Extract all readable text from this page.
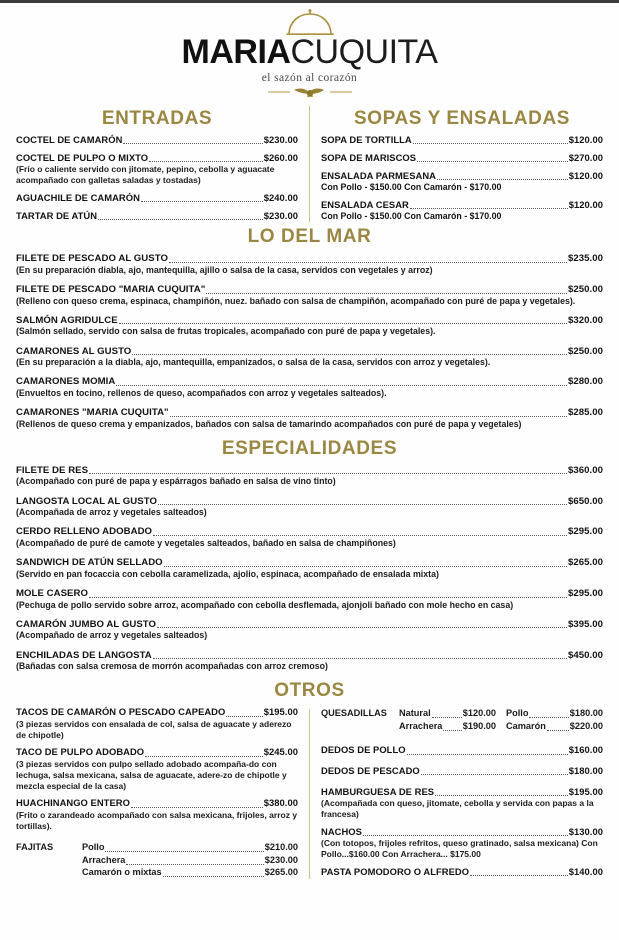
MARIACUQUITA
el sazón al corazón
ENTRADAS
COCTEL DE CAMARÓN	$230.00
COCTEL DE PULPO O MIXTO	$260.00
(Frío o caliente servido con jitomate, pepino, cebolla y aguacate acompañado con galletas saladas y tostadas)
AGUACHILE DE CAMARÓN	$240.00
TARTAR DE ATÚN	$230.00
SOPAS Y ENSALADAS
SOPA DE TORTILLA	$120.00
SOPA DE MARISCOS	$270.00
ENSALADA PARMESANA	$120.00
Con Pollo - $150.00 Con Camarón - $170.00
ENSALADA CESAR	$120.00
Con Pollo - $150.00 Con Camarón - $170.00
LO DEL MAR
FILETE DE PESCADO AL GUSTO	$235.00
(En su preparación diabla, ajo, mantequilla, ajillo o salsa de la casa, servidos con vegetales y arroz)
FILETE DE PESCADO "MARIA CUQUITA"	$250.00
(Relleno con queso crema, espinaca, champiñón, nuez. bañado con salsa de champiñón, acompañado con puré de papa y vegetales).
SALMÓN AGRIDULCE	$320.00
(Salmón sellado, servido con salsa de frutas tropicales, acompañado con puré de papa y vegetales).
CAMARONES AL GUSTO	$250.00
(En su preparación a la diabla, ajo, mantequilla, empanizados, o salsa de la casa, servidos con arroz y vegetales).
CAMARONES MOMIA	$280.00
(Envueltos en tocino, rellenos de queso, acompañados con arroz y vegetales salteados).
CAMARONES "MARIA CUQUITA"	$285.00
(Rellenos de queso crema y empanizados, bañados con salsa de tamarindo acompañados con puré de papa y vegetales)
ESPECIALIDADES
FILETE DE RES	$360.00
(Acompañado con puré de papa y espárragos bañado en salsa de vino tinto)
LANGOSTA LOCAL AL GUSTO	$650.00
(Acompañada de arroz y vegetales salteados)
CERDO RELLENO ADOBADO	$295.00
(Acompañado de puré de camote y vegetales salteados, bañado en salsa de champiñones)
SANDWICH DE ATÚN SELLADO	$265.00
(Servido en pan focaccia con cebolla caramelizada, ajolio, espinaca, acompañado de ensalada mixta)
MOLE CASERO	$295.00
(Pechuga de pollo servido sobre arroz, acompañado con cebolla desflemada, ajonjoli bañado con mole hecho en casa)
CAMARÓN JUMBO AL GUSTO	$395.00
(Acompañado de arroz y vegetales salteados)
ENCHILADAS DE LANGOSTA	$450.00
(Bañadas con salsa cremosa de morrón acompañadas con arroz cremoso)
OTROS
TACOS DE CAMARÓN O PESCADO CAPEADO	$195.00
(3 piezas servidos con ensalada de col, salsa de aguacate y aderezo de chipotle)
TACO DE PULPO ADOBADO	$245.00
(3 piezas servidos con pulpo sellado adobado acompaña-do con lechuga, salsa mexicana, salsa de aguacate, adere-zo de chipotle y mezcla especial de la casa)
HUACHINANGO ENTERO	$380.00
(Frito o zarandeado acompañado con salsa mexicana, frijoles, arroz y tortillas).
FAJITAS	Pollo	$210.00
Arrachera	$230.00
Camarón o mixtas	$265.00
QUESADILLAS	Natural	$120.00 Pollo	$180.00
Arrachera $190.00 Camarón	$220.00
DEDOS DE POLLO	$160.00
DEDOS DE PESCADO	$180.00
HAMBURGUESA DE RES	$195.00
(Acompañada con queso, jitomate, cebolla y servida con papas a la francesa)
NACHOS	$130.00
(Con totopos, frijoles refritos, queso gratinado, salsa mexicana) Con Pollo...$160.00 Con Arrachera... $175.00
PASTA POMODORO O ALFREDO	$140.00
